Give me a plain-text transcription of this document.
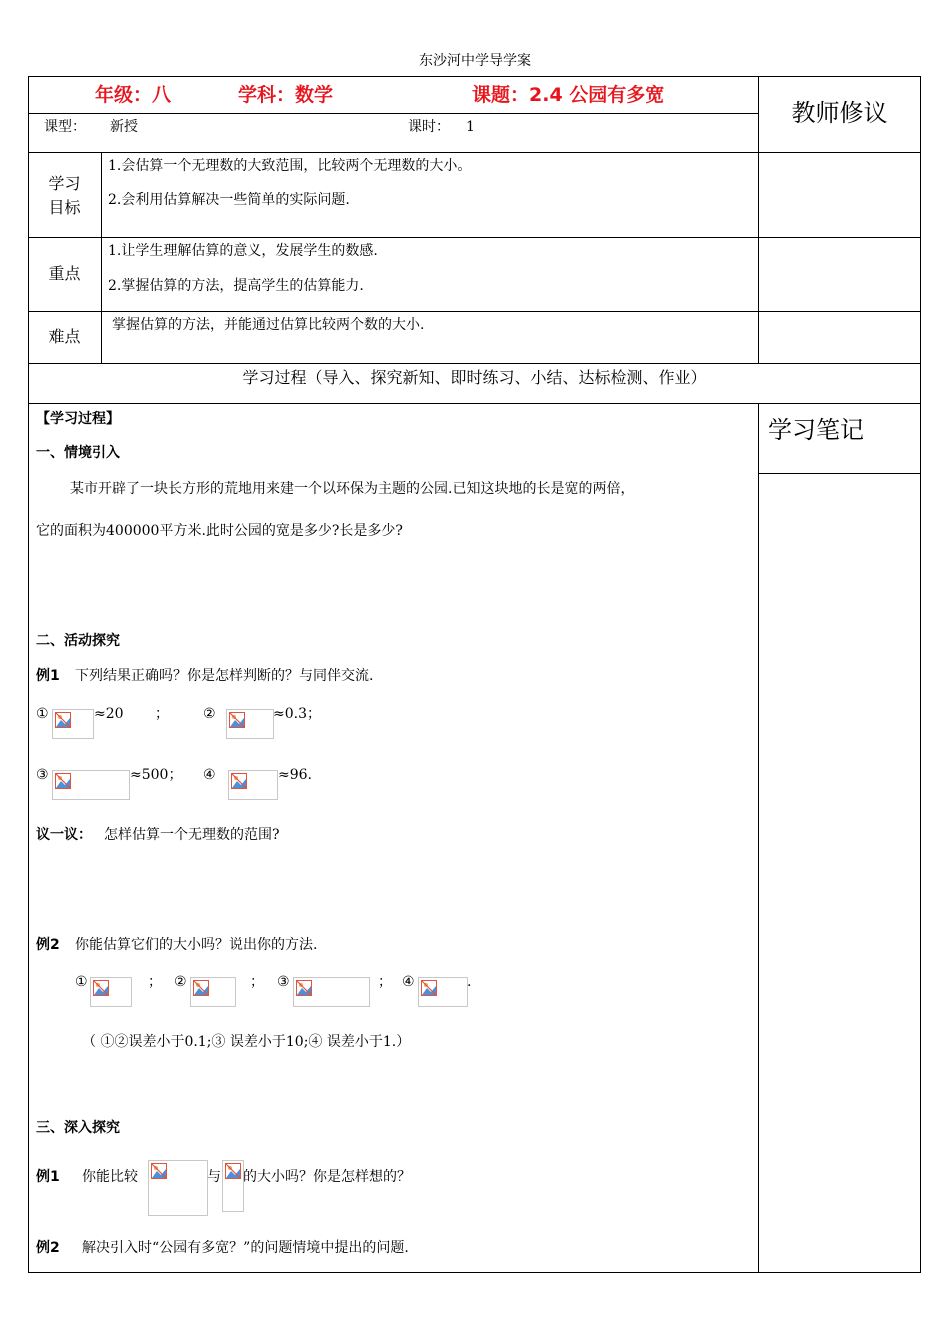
东沙河中学导学案
年级：八	学科：数学	课题：2.4 公园有多宽
教师修议
课型： 新授	课时： 1
学习
目标
1.会估算一个无理数的大致范围，比较两个无理数的大小。
2.会利用估算解决一些简单的实际问题.
重点
1.让学生理解估算的意义，发展学生的数感.
2.掌握估算的方法，提高学生的估算能力.
难点
掌握估算的方法，并能通过估算比较两个数的大小.
学习过程（导入、探究新知、即时练习、小结、达标检测、作业）
学习笔记
【学习过程】
一、情境引入
某市开辟了一块长方形的荒地用来建一个以环保为主题的公园.已知这块地的长是宽的两倍，
它的面积为400000平方米.此时公园的宽是多少?长是多少?
二、活动探究
例1 下列结果正确吗？你是怎样判断的？与同伴交流.
①	≈20 ； ②	≈0.3；
③	≈500； ④	≈96.
议一议： 怎样估算一个无理数的范围?
例2 你能估算它们的大小吗？说出你的方法.
①	； ②	； ③	； ④	.
（ ①②误差小于0.1;③ 误差小于10;④ 误差小于1.）
三、深入探究
例1 你能比较	与 的大小吗？你是怎样想的？
例2 解决引入时“公园有多宽？”的问题情境中提出的问题.
